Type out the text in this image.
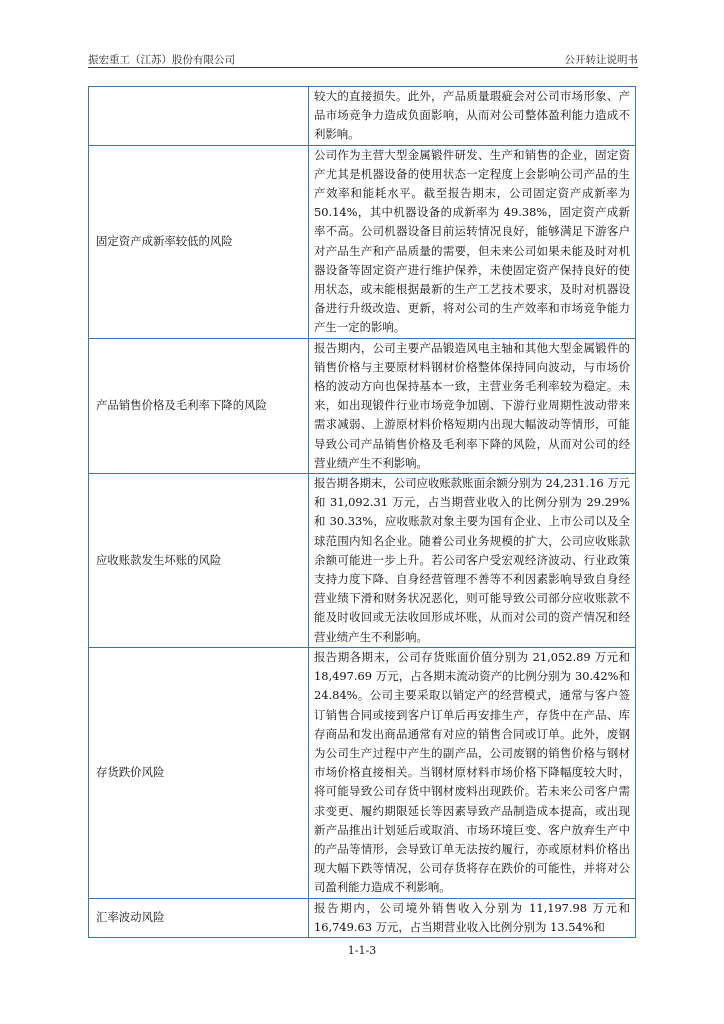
振宏重工（江苏）股份有限公司	公开转让说明书
	较大的直接损失。此外，产品质量瑕疵会对公司市场形象、产品市场竞争力造成负面影响，从而对公司整体盈利能力造成不利影响。
固定资产成新率较低的风险	公司作为主营大型金属锻件研发、生产和销售的企业，固定资产尤其是机器设备的使用状态一定程度上会影响公司产品的生产效率和能耗水平。截至报告期末，公司固定资产成新率为 50.14%，其中机器设备的成新率为 49.38%，固定资产成新率不高。公司机器设备目前运转情况良好，能够满足下游客户对产品生产和产品质量的需要，但未来公司如果未能及时对机器设备等固定资产进行维护保养，未使固定资产保持良好的使用状态，或未能根据最新的生产工艺技术要求，及时对机器设备进行升级改造、更新，将对公司的生产效率和市场竞争能力产生一定的影响。
产品销售价格及毛利率下降的风险	报告期内，公司主要产品锻造风电主轴和其他大型金属锻件的销售价格与主要原材料钢材价格整体保持同向波动，与市场价格的波动方向也保持基本一致，主营业务毛利率较为稳定。未来，如出现锻件行业市场竞争加剧、下游行业周期性波动带来需求减弱、上游原材料价格短期内出现大幅波动等情形，可能导致公司产品销售价格及毛利率下降的风险，从而对公司的经营业绩产生不利影响。
应收账款发生坏账的风险	报告期各期末，公司应收账款账面余额分别为 24,231.16 万元和 31,092.31 万元，占当期营业收入的比例分别为 29.29% 和 30.33%，应收账款对象主要为国有企业、上市公司以及全球范围内知名企业。随着公司业务规模的扩大，公司应收账款余额可能进一步上升。若公司客户受宏观经济波动、行业政策支持力度下降、自身经营管理不善等不利因素影响导致自身经营业绩下滑和财务状况恶化，则可能导致公司部分应收账款不能及时收回或无法收回形成坏账，从而对公司的资产情况和经营业绩产生不利影响。
存货跌价风险	报告期各期末，公司存货账面价值分别为 21,052.89 万元和 18,497.69 万元，占各期末流动资产的比例分别为 30.42%和 24.84%。公司主要采取以销定产的经营模式，通常与客户签订销售合同或接到客户订单后再安排生产，存货中在产品、库存商品和发出商品通常有对应的销售合同或订单。此外，废钢为公司生产过程中产生的副产品，公司废钢的销售价格与钢材市场价格直接相关。当钢材原材料市场价格下降幅度较大时，将可能导致公司存货中钢材废料出现跌价。若未来公司客户需求变更、履约期限延长等因素导致产品制造成本提高，或出现新产品推出计划延后或取消、市场环境巨变、客户放弃生产中的产品等情形，会导致订单无法按约履行，亦或原材料价格出现大幅下跌等情况，公司存货将存在跌价的可能性，并将对公司盈利能力造成不利影响。
汇率波动风险	报告期内，公司境外销售收入分别为 11,197.98 万元和 16,749.63 万元，占当期营业收入比例分别为 13.54%和
1-1-3
